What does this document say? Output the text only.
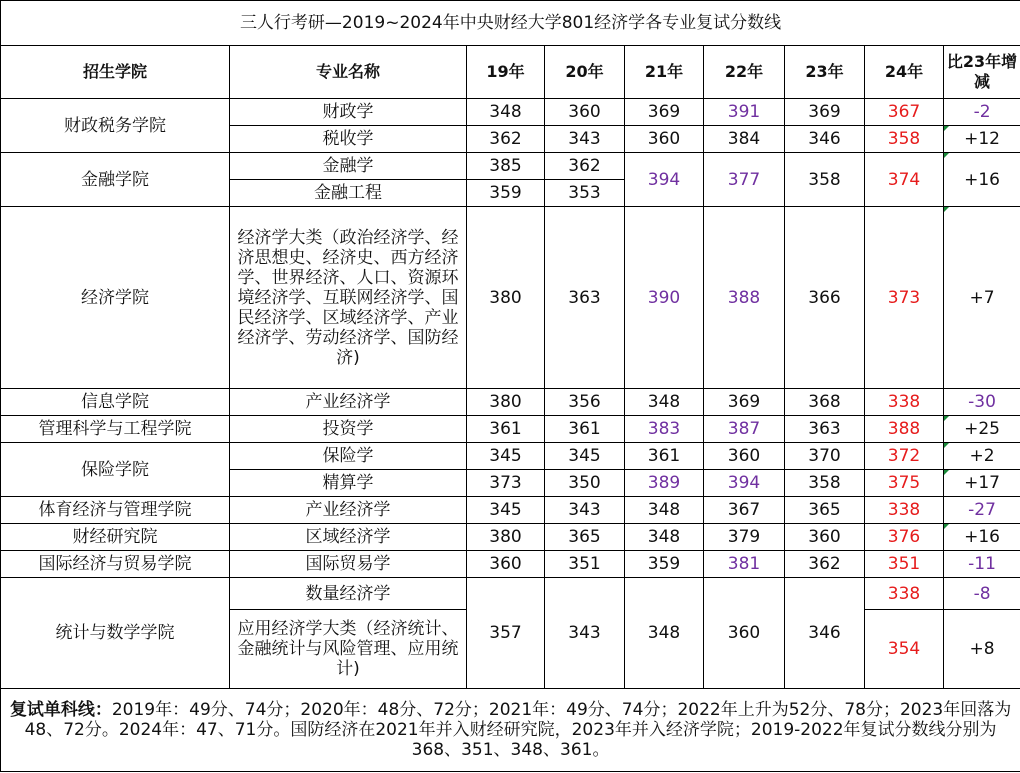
三人行考研—2019~2024年中央财经大学801经济学各专业复试分数线								
招生学院	专业名称	19年	20年	21年	22年	23年	24年	比23年增减
财政税务学院	财政学	348	360	369	391	369	367	-2
	税收学	362	343	360	384	346	358	+12
金融学院	金融学	385	362	394	377	358	374	+16
	金融工程	359	353					
经济学院	经济学大类（政治经济学、经济思想史、经济史、西方经济学、世界经济、人口、资源环境经济学、互联网经济学、国民经济学、区域经济学、产业经济学、劳动经济学、国防经济)	380	363	390	388	366	373	+7
信息学院	产业经济学	380	356	348	369	368	338	-30
管理科学与工程学院	投资学	361	361	383	387	363	388	+25
保险学院	保险学	345	345	361	360	370	372	+2
	精算学	373	350	389	394	358	375	+17
体育经济与管理学院	产业经济学	345	343	348	367	365	338	-27
财经研究院	区域经济学	380	365	348	379	360	376	+16
国际经济与贸易学院	国际贸易学	360	351	359	381	362	351	-11
统计与数学学院	数量经济学	357	343	348	360	346	338	-8
	应用经济学大类（经济统计、金融统计与风险管理、应用统计)						354	+8
复试单科线：2019年：49分、74分；2020年：48分、72分；2021年：49分、74分；2022年上升为52分、78分；2023年回落为48、72分。2024年：47、71分。国防经济在2021年并入财经研究院，2023年并入经济学院；2019-2022年复试分数线分别为368、351、348、361。								
